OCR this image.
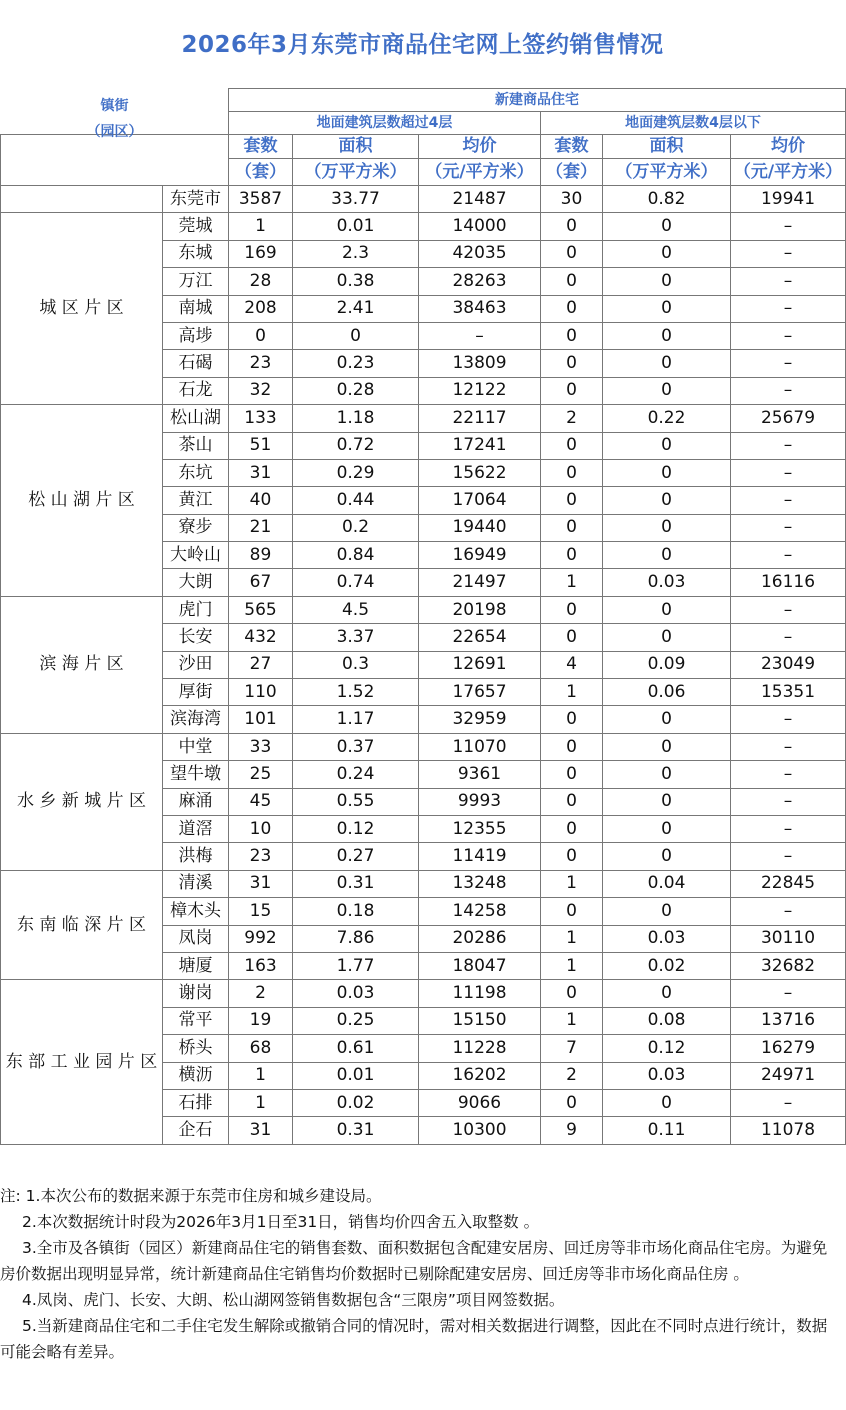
2026年3月东莞市商品住宅网上签约销售情况
		新建商品住宅					
		地面建筑层数超过4层			地面建筑层数4层以下		

镇街
（园区）		套数	面积	均价	套数	面积	均价
		（套）	（万平方米）	（元/平方米）	（套）	（万平方米）	（元/平方米）
	东莞市	3587	33.77	21487	30	0.82	19941
城 区 片 区	莞城	1	0.01	14000	0	0	–
	东城	169	2.3	42035	0	0	–
	万江	28	0.38	28263	0	0	–
	南城	208	2.41	38463	0	0	–
	高埗	0	0	–	0	0	–
	石碣	23	0.23	13809	0	0	–
	石龙	32	0.28	12122	0	0	–
松 山 湖 片 区	松山湖	133	1.18	22117	2	0.22	25679
	茶山	51	0.72	17241	0	0	–
	东坑	31	0.29	15622	0	0	–
	黄江	40	0.44	17064	0	0	–
	寮步	21	0.2	19440	0	0	–
	大岭山	89	0.84	16949	0	0	–
	大朗	67	0.74	21497	1	0.03	16116
滨 海 片 区	虎门	565	4.5	20198	0	0	–
	长安	432	3.37	22654	0	0	–
	沙田	27	0.3	12691	4	0.09	23049
	厚街	110	1.52	17657	1	0.06	15351
	滨海湾	101	1.17	32959	0	0	–
水 乡 新 城 片 区	中堂	33	0.37	11070	0	0	–
	望牛墩	25	0.24	9361	0	0	–
	麻涌	45	0.55	9993	0	0	–
	道滘	10	0.12	12355	0	0	–
	洪梅	23	0.27	11419	0	0	–
东 南 临 深 片 区	清溪	31	0.31	13248	1	0.04	22845
	樟木头	15	0.18	14258	0	0	–
	凤岗	992	7.86	20286	1	0.03	30110
	塘厦	163	1.77	18047	1	0.02	32682
东 部 工 业 园 片 区	谢岗	2	0.03	11198	0	0	–
	常平	19	0.25	15150	1	0.08	13716
	桥头	68	0.61	11228	7	0.12	16279
	横沥	1	0.01	16202	2	0.03	24971
	石排	1	0.02	9066	0	0	–
	企石	31	0.31	10300	9	0.11	11078

注: 1.本次公布的数据来源于东莞市住房和城乡建设局。

2.本次数据统计时段为2026年3月1日至31日，销售均价四舍五入取整数 。

3.全市及各镇街（园区）新建商品住宅的销售套数、面积数据包含配建安居房、回迁房等非市场化商品住宅房。为避免房价数据出现明显异常，统计新建商品住宅销售均价数据时已剔除配建安居房、回迁房等非市场化商品住房 。

4.凤岗、虎门、长安、大朗、松山湖网签销售数据包含“三限房”项目网签数据。

5.当新建商品住宅和二手住宅发生解除或撤销合同的情况时，需对相关数据进行调整，因此在不同时点进行统计，数据可能会略有差异。
